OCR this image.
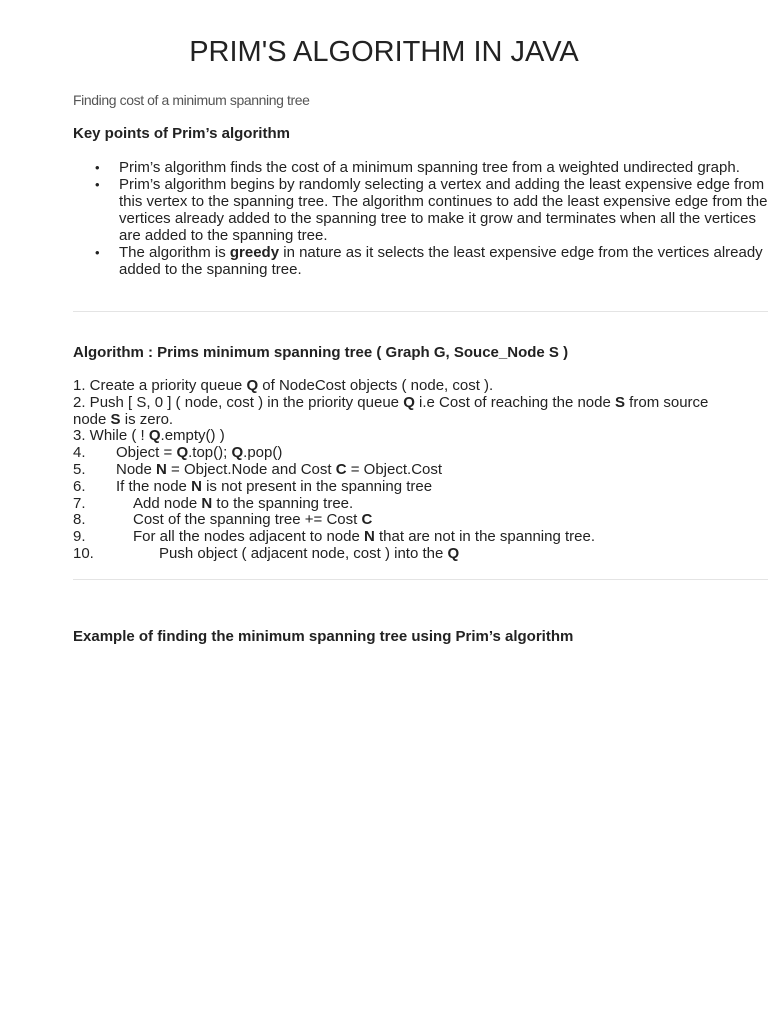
PRIM'S ALGORITHM IN JAVA

Finding cost of a minimum spanning tree

Key points of Prim’s algorithm
• Prim’s algorithm finds the cost of a minimum spanning tree from a weighted undirected graph.
• Prim’s algorithm begins by randomly selecting a vertex and adding the least expensive edge from this vertex to the spanning tree. The algorithm continues to add the least expensive edge from the vertices already added to the spanning tree to make it grow and terminates when all the vertices are added to the spanning tree.
• The algorithm is greedy in nature as it selects the least expensive edge from the vertices already added to the spanning tree.
Algorithm : Prims minimum spanning tree ( Graph G, Souce_Node S )
1. Create a priority queue Q of NodeCost objects ( node, cost ).
2. Push [ S, 0 ] ( node, cost ) in the priority queue Q i.e Cost of reaching the node S from source node S is zero.
3. While ( ! Q.empty() )
4. Object = Q.top(); Q.pop()
5. Node N = Object.Node and Cost C = Object.Cost
6. If the node N is not present in the spanning tree
7.	Add node N to the spanning tree.
8.	Cost of the spanning tree += Cost C
9.	For all the nodes adjacent to node N that are not in the spanning tree.
10.	Push object ( adjacent node, cost ) into the Q
Example of finding the minimum spanning tree using Prim’s algorithm
